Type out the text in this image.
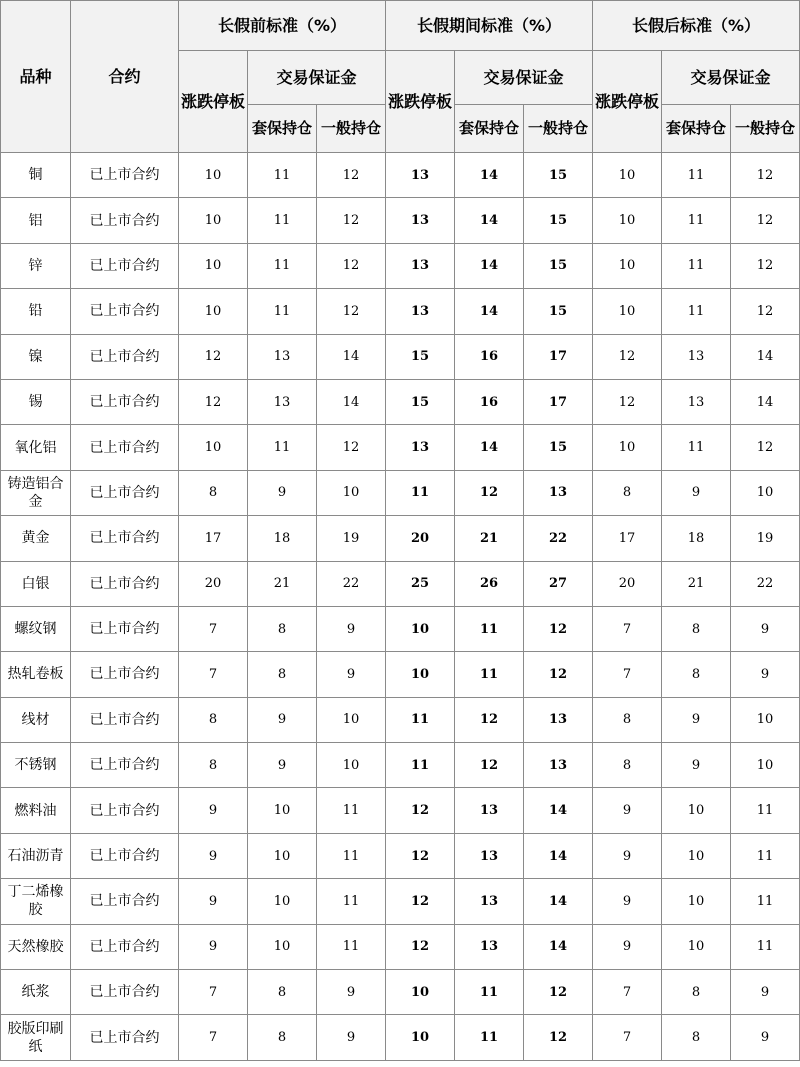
品种	合约	长假前标准（%）			长假期间标准（%）			长假后标准（%）		
		涨跌停板	交易保证金		涨跌停板	交易保证金		涨跌停板	交易保证金	
			套保持仓	一般持仓		套保持仓	一般持仓		套保持仓	一般持仓
铜	已上市合约	10	11	12	13	14	15	10	11	12
铝	已上市合约	10	11	12	13	14	15	10	11	12
锌	已上市合约	10	11	12	13	14	15	10	11	12
铅	已上市合约	10	11	12	13	14	15	10	11	12
镍	已上市合约	12	13	14	15	16	17	12	13	14
锡	已上市合约	12	13	14	15	16	17	12	13	14
氧化铝	已上市合约	10	11	12	13	14	15	10	11	12
铸造铝合金	已上市合约	8	9	10	11	12	13	8	9	10
黄金	已上市合约	17	18	19	20	21	22	17	18	19
白银	已上市合约	20	21	22	25	26	27	20	21	22
螺纹钢	已上市合约	7	8	9	10	11	12	7	8	9
热轧卷板	已上市合约	7	8	9	10	11	12	7	8	9
线材	已上市合约	8	9	10	11	12	13	8	9	10
不锈钢	已上市合约	8	9	10	11	12	13	8	9	10
燃料油	已上市合约	9	10	11	12	13	14	9	10	11
石油沥青	已上市合约	9	10	11	12	13	14	9	10	11
丁二烯橡胶	已上市合约	9	10	11	12	13	14	9	10	11
天然橡胶	已上市合约	9	10	11	12	13	14	9	10	11
纸浆	已上市合约	7	8	9	10	11	12	7	8	9
胶版印刷纸	已上市合约	7	8	9	10	11	12	7	8	9
